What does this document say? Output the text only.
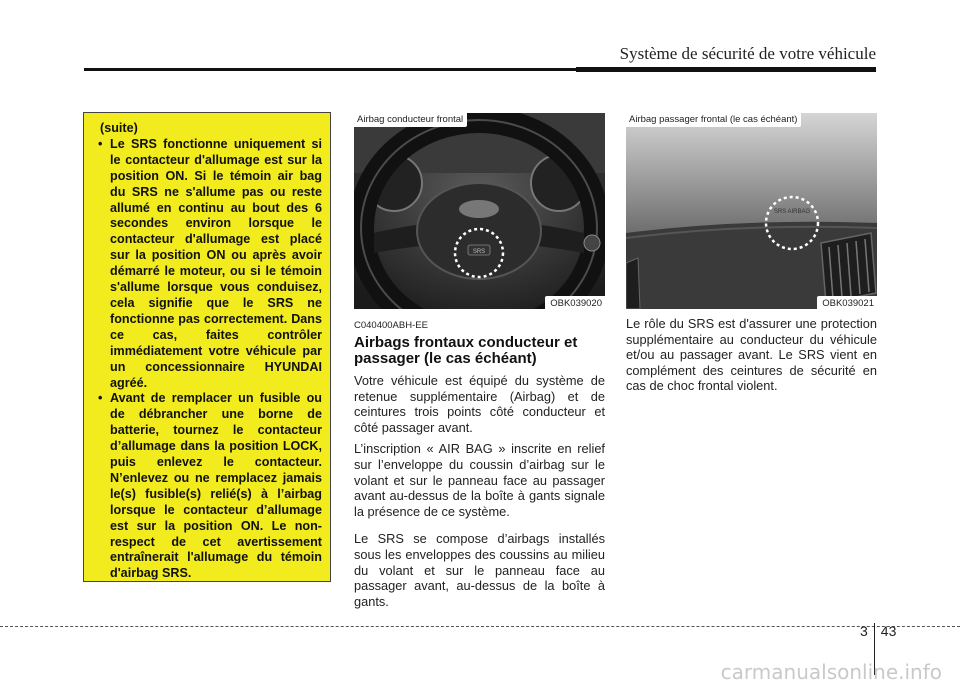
Système de sécurité de votre véhicule
(suite)
• Le SRS fonctionne uniquement si le contacteur d'allumage est sur la position ON. Si le témoin air bag du SRS ne s'allume pas ou reste allumé en continu au bout des 6 secondes environ lorsque le contacteur d'allumage est placé sur la position ON ou après avoir démarré le moteur, ou si le témoin s'allume lorsque vous conduisez, cela signifie que le SRS ne fonctionne pas correctement. Dans ce cas, faites contrôler immédiatement votre véhicule par un concessionnaire HYUNDAI agréé.
• Avant de remplacer un fusible ou de débrancher une borne de batterie, tournez le contacteur d’allumage dans la position LOCK, puis enlevez le contacteur. N’enlevez ou ne remplacez jamais le(s) fusible(s) relié(s) à l’airbag lorsque le contacteur d’allumage est sur la position ON. Le non-respect de cet avertissement entraînerait l'allumage du témoin d'airbag SRS.
SRS
Airbag conducteur frontal
OBK039020
SRS AIRBAG
Airbag passager frontal (le cas échéant)
OBK039021
C040400ABH-EE
Airbags frontaux conducteur et passager (le cas échéant)

Votre véhicule est équipé du système de retenue supplémentaire (Airbag) et de ceintures trois points côté conducteur et côté passager avant.

L’inscription « AIR BAG » inscrite en relief sur l’enveloppe du coussin d’airbag sur le volant et sur le panneau face au passager avant au-dessus de la boîte à gants signale la présence de ce système.

Le SRS se compose d’airbags installés sous les enveloppes des coussins au milieu du volant et sur le panneau face au passager avant, au-dessus de la boîte à gants.

Le rôle du SRS est d'assurer une protection supplémentaire au conducteur du véhicule et/ou au passager avant. Le SRS vient en complément des ceintures de sécurité en cas de choc frontal violent.

3 43
carmanualsonline.info
